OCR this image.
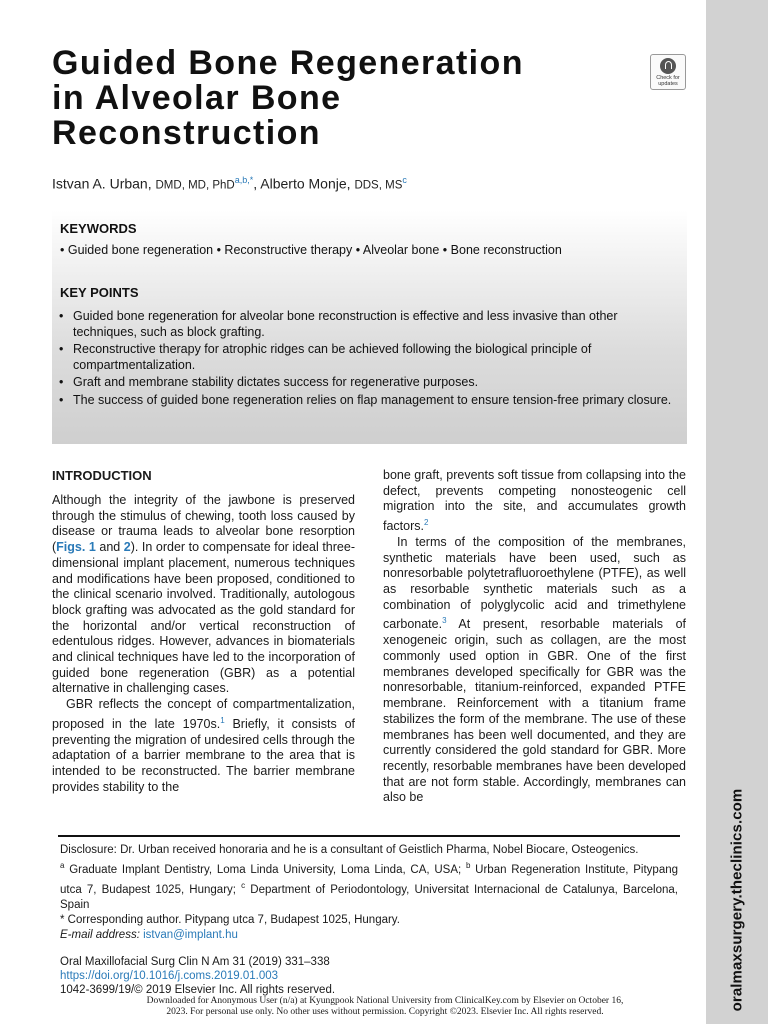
oralmaxsurgery.theclinics.com
Guided Bone Regeneration
in Alveolar Bone
Reconstruction
Check for updates
Istvan A. Urban, DMD, MD, PhD$^{a,b,*}$, Alberto Monje, DDS, $MS^c$
KEYWORDS
• Guided bone regeneration • Reconstructive therapy • Alveolar bone • Bone reconstruction
KEY POINTS
• Guided bone regeneration for alveolar bone reconstruction is effective and less invasive than other techniques, such as block grafting.
• Reconstructive therapy for atrophic ridges can be achieved following the biological principle of compartmentalization.
• Graft and membrane stability dictates success for regenerative purposes.
• The success of guided bone regeneration relies on flap management to ensure tension-free primary closure.
INTRODUCTION

Although the integrity of the jawbone is preserved through the stimulus of chewing, tooth loss caused by disease or trauma leads to alveolar bone resorption (Figs. 1 and 2). In order to compensate for ideal three-dimensional implant placement, numerous techniques and modifications have been proposed, conditioned to the clinical scenario involved. Traditionally, autologous block grafting was advocated as the gold standard for the horizontal and/or vertical reconstruction of edentulous ridges. However, advances in biomaterials and clinical techniques have led to the incorporation of guided bone regeneration (GBR) as a potential alternative in challenging cases.

GBR reflects the concept of compartmentalization, proposed in the late 1970s.$^1$ Briefly, it consists of preventing the migration of undesired cells through the adaptation of a barrier membrane to the area that is intended to be reconstructed. The barrier membrane provides stability to the

bone graft, prevents soft tissue from collapsing into the defect, prevents competing nonosteogenic cell migration into the site, and accumulates growth factors.$^2$

In terms of the composition of the membranes, synthetic materials have been used, such as nonresorbable polytetrafluoroethylene (PTFE), as well as resorbable synthetic materials such as a combination of polyglycolic acid and trimethylene carbonate.$^3$ At present, resorbable materials of xenogeneic origin, such as collagen, are the most commonly used option in GBR. One of the first membranes developed specifically for GBR was the nonresorbable, titanium-reinforced, expanded PTFE membrane. Reinforcement with a titanium frame stabilizes the form of the membrane. The use of these membranes has been well documented, and they are currently considered the gold standard for GBR. More recently, resorbable membranes have been developed that are not form stable. Accordingly, membranes can also be

Disclosure: Dr. Urban received honoraria and he is a consultant of Geistlich Pharma, Nobel Biocare, Osteogenics.

$^a$ Graduate Implant Dentistry, Loma Linda University, Loma Linda, CA, USA; $^b$ Urban Regeneration Institute, Pitypang utca 7, Budapest 1025, Hungary; $^c$ Department of Periodontology, Universitat Internacional de Catalunya, Barcelona, Spain

* Corresponding author. Pitypang utca 7, Budapest 1025, Hungary.

E-mail address: istvan@implant.hu

Oral Maxillofacial Surg Clin N Am 31 (2019) 331–338

https://doi.org/10.1016/j.coms.2019.01.003

1042-3699/19/© 2019 Elsevier Inc. All rights reserved.

Downloaded for Anonymous User (n/a) at Kyungpook National University from ClinicalKey.com by Elsevier on October 16,

2023. For personal use only. No other uses without permission. Copyright ©2023. Elsevier Inc. All rights reserved.
